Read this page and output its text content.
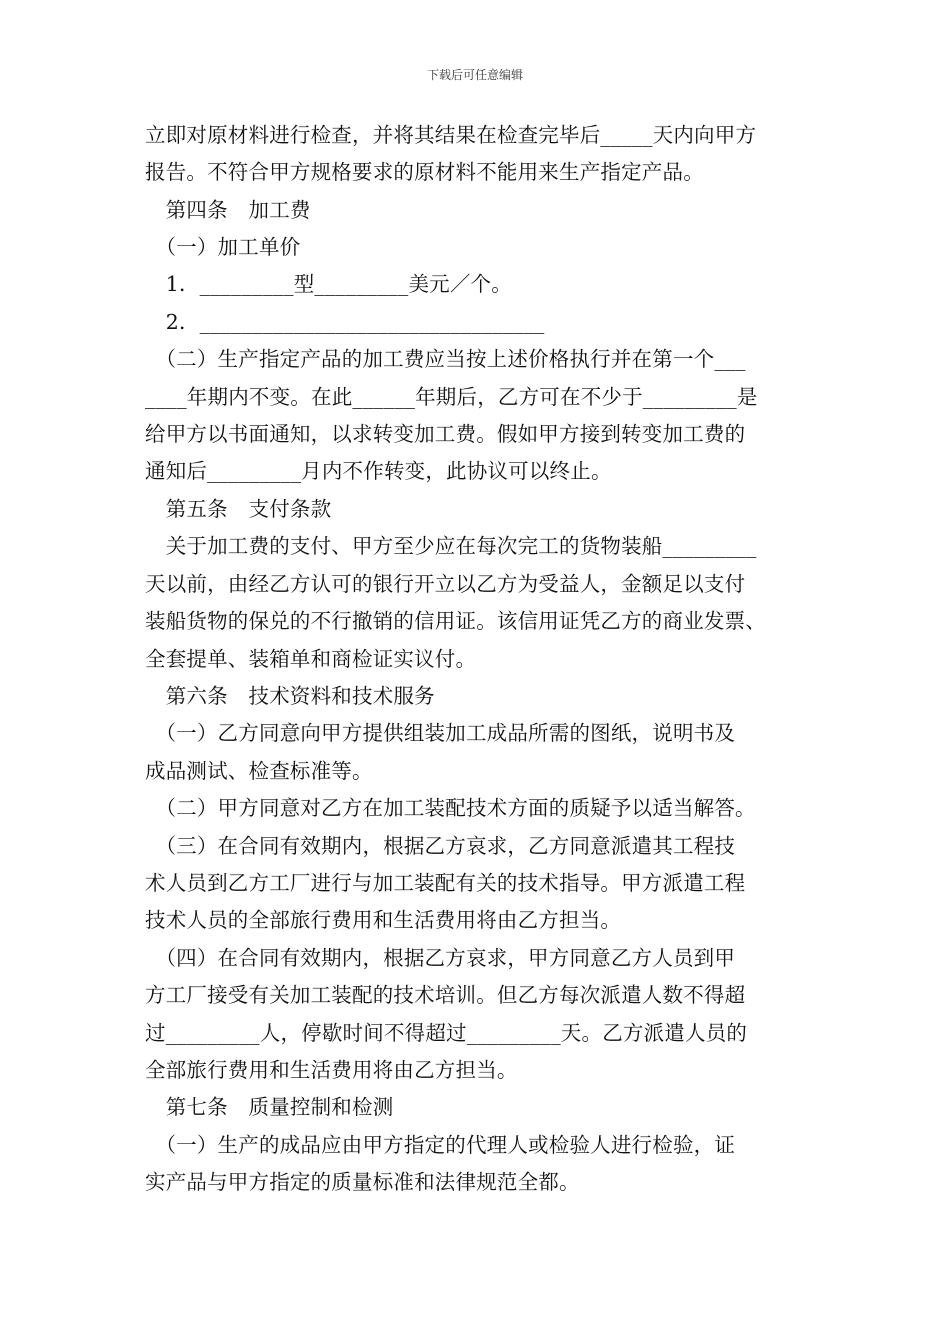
下载后可任意编辑
立即对原材料进行检查，并将其结果在检查完毕后_____天内向甲方
报告。不符合甲方规格要求的原材料不能用来生产指定产品。
　第四条　加工费
　（一）加工单价
　1．_________型_________美元／个。
　2．_________________________________
　（二）生产指定产品的加工费应当按上述价格执行并在第一个___
____年期内不变。在此______年期后，乙方可在不少于_________是
给甲方以书面通知，以求转变加工费。假如甲方接到转变加工费的
通知后_________月内不作转变，此协议可以终止。
　第五条　支付条款
　关于加工费的支付、甲方至少应在每次完工的货物装船_________
天以前，由经乙方认可的银行开立以乙方为受益人，金额足以支付
装船货物的保兑的不行撤销的信用证。该信用证凭乙方的商业发票、
全套提单、装箱单和商检证实议付。
　第六条　技术资料和技术服务
　（一）乙方同意向甲方提供组装加工成品所需的图纸，说明书及
成品测试、检查标准等。
　（二）甲方同意对乙方在加工装配技术方面的质疑予以适当解答。
　（三）在合同有效期内，根据乙方哀求，乙方同意派遣其工程技
术人员到乙方工厂进行与加工装配有关的技术指导。甲方派遣工程
技术人员的全部旅行费用和生活费用将由乙方担当。
　（四）在合同有效期内，根据乙方哀求，甲方同意乙方人员到甲
方工厂接受有关加工装配的技术培训。但乙方每次派遣人数不得超
过_________人，停歇时间不得超过_________天。乙方派遣人员的
全部旅行费用和生活费用将由乙方担当。
　第七条　质量控制和检测
　（一）生产的成品应由甲方指定的代理人或检验人进行检验，证
实产品与甲方指定的质量标准和法律规范全都。
